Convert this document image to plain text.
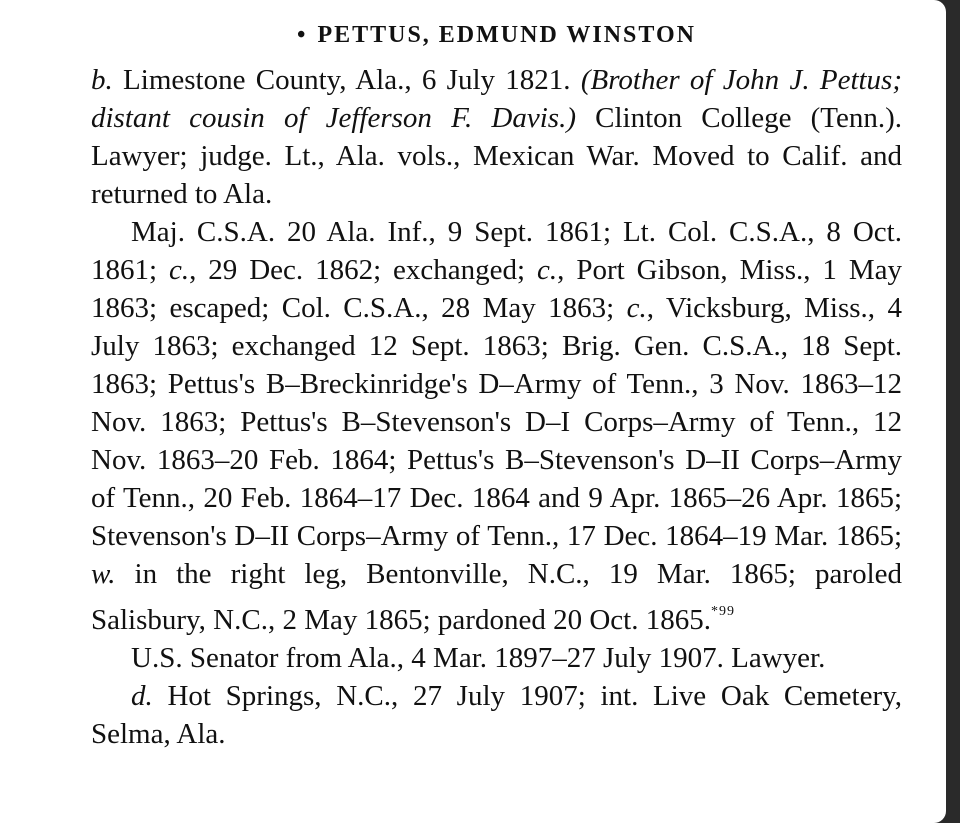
• PETTUS, EDMUND WINSTON

b. Limestone County, Ala., 6 July 1821. (Brother of John J. Pettus; distant cousin of Jefferson F. Davis.) Clinton College (Tenn.). Lawyer; judge. Lt., Ala. vols., Mexican War. Moved to Calif. and returned to Ala.

Maj. C.S.A. 20 Ala. Inf., 9 Sept. 1861; Lt. Col. C.S.A., 8 Oct. 1861; c., 29 Dec. 1862; exchanged; c., Port Gibson, Miss., 1 May 1863; escaped; Col. C.S.A., 28 May 1863; c., Vicksburg, Miss., 4 July 1863; exchanged 12 Sept. 1863; Brig. Gen. C.S.A., 18 Sept. 1863; Pettus's B–Breckinridge's D–Army of Tenn., 3 Nov. 1863–12 Nov. 1863; Pettus's B–Stevenson's D–I Corps–Army of Tenn., 12 Nov. 1863–20 Feb. 1864; Pettus's B–Stevenson's D–II Corps–Army of Tenn., 20 Feb. 1864–17 Dec. 1864 and 9 Apr. 1865–26 Apr. 1865; Stevenson's D–II Corps–Army of Tenn., 17 Dec. 1864–19 Mar. 1865; w. in the right leg, Bentonville, N.C., 19 Mar. 1865; paroled Salisbury, N.C., 2 May 1865; pardoned 20 Oct. 1865.$^{*99}$

U.S. Senator from Ala., 4 Mar. 1897–27 July 1907. Lawyer.

d. Hot Springs, N.C., 27 July 1907; int. Live Oak Cemetery, Selma, Ala.
